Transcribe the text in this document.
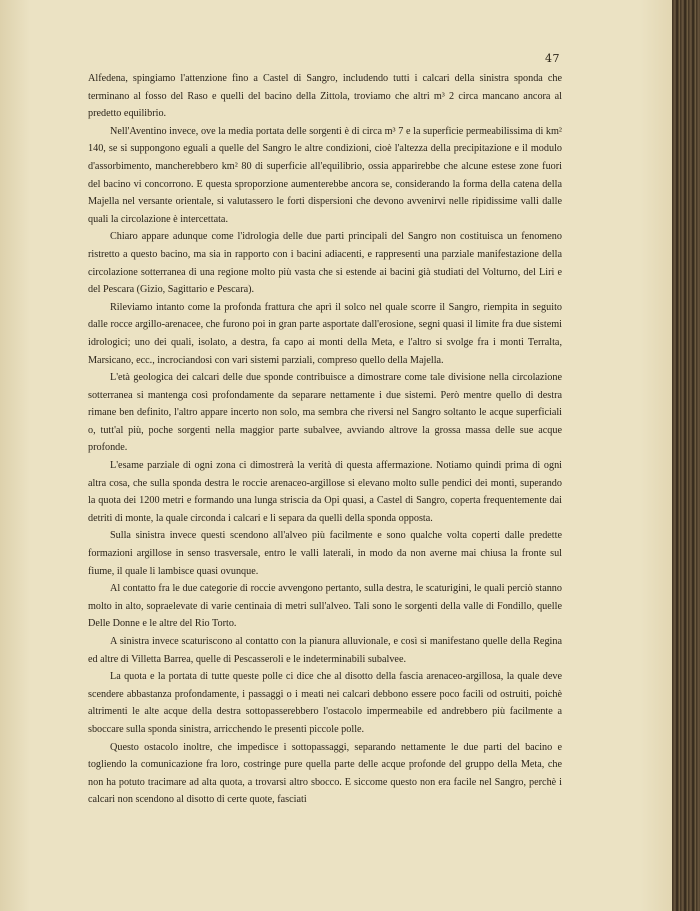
47

Alfedena, spingiamo l'attenzione fino a Castel di Sangro, includendo tutti i calcari della sinistra sponda che terminano al fosso del Raso e quelli del bacino della Zittola, troviamo che altri m³ 2 circa mancano ancora al predetto equilibrio.

Nell'Aventino invece, ove la media portata delle sorgenti è di circa m³ 7 e la superficie permeabilissima di km² 140, se si suppongono eguali a quelle del Sangro le altre condizioni, cioè l'altezza della precipitazione e il modulo d'assorbimento, mancherebbero km² 80 di superficie all'equilibrio, ossia apparirebbe che alcune estese zone fuori del bacino vi concorrono. E questa sproporzione aumenterebbe ancora se, considerando la forma della catena della Majella nel versante orientale, si valutassero le forti dispersioni che devono avvenirvi nelle ripidissime valli dalle quali la circolazione è intercettata.

Chiaro appare adunque come l'idrologia delle due parti principali del Sangro non costituisca un fenomeno ristretto a questo bacino, ma sia in rapporto con i bacini adiacenti, e rappresenti una parziale manifestazione della circolazione sotterranea di una regione molto più vasta che si estende ai bacini già studiati del Volturno, del Liri e del Pescara (Gizio, Sagittario e Pescara).

Rileviamo intanto come la profonda frattura che aprì il solco nel quale scorre il Sangro, riempita in seguito dalle rocce argillo-arenacee, che furono poi in gran parte asportate dall'erosione, segni quasi il limite fra due sistemi idrologici; uno dei quali, isolato, a destra, fa capo ai monti della Meta, e l'altro si svolge fra i monti Terralta, Marsicano, ecc., incrociandosi con vari sistemi parziali, compreso quello della Majella.

L'età geologica dei calcari delle due sponde contribuisce a dimostrare come tale divisione nella circolazione sotterranea si mantenga così profondamente da separare nettamente i due sistemi. Però mentre quello di destra rimane ben definito, l'altro appare incerto non solo, ma sembra che riversi nel Sangro soltanto le acque superficiali o, tutt'al più, poche sorgenti nella maggior parte subalvee, avviando altrove la grossa massa delle sue acque profonde.

L'esame parziale di ogni zona ci dimostrerà la verità di questa affermazione. Notiamo quindi prima di ogni altra cosa, che sulla sponda destra le roccie arenaceo-argillose si elevano molto sulle pendici dei monti, superando la quota dei 1200 metri e formando una lunga striscia da Opi quasi, a Castel di Sangro, coperta frequentemente dai detriti di monte, la quale circonda i calcari e li separa da quelli della sponda opposta.

Sulla sinistra invece questi scendono all'alveo più facilmente e sono qualche volta coperti dalle predette formazioni argillose in senso trasversale, entro le valli laterali, in modo da non averne mai chiusa la fronte sul fiume, il quale li lambisce quasi ovunque.

Al contatto fra le due categorie di roccie avvengono pertanto, sulla destra, le scaturigini, le quali perciò stanno molto in alto, sopraelevate di varie centinaia di metri sull'alveo. Tali sono le sorgenti della valle di Fondillo, quelle Delle Donne e le altre del Rio Torto.

A sinistra invece scaturiscono al contatto con la pianura alluvionale, e così si manifestano quelle della Regina ed altre di Villetta Barrea, quelle di Pescasseroli e le indeterminabili subalvee.

La quota e la portata di tutte queste polle ci dice che al disotto della fascia arenaceo-argillosa, la quale deve scendere abbastanza profondamente, i passaggi o i meati nei calcari debbono essere poco facili od ostruiti, poichè altrimenti le alte acque della destra sottopasserebbero l'ostacolo impermeabile ed andrebbero più facilmente a sboccare sulla sponda sinistra, arricchendo le presenti piccole polle.

Questo ostacolo inoltre, che impedisce i sottopassaggi, separando nettamente le due parti del bacino e togliendo la comunicazione fra loro, costringe pure quella parte delle acque profonde del gruppo della Meta, che non ha potuto tracimare ad alta quota, a trovarsi altro sbocco. E siccome questo non era facile nel Sangro, perchè i calcari non scendono al disotto di certe quote, fasciati
